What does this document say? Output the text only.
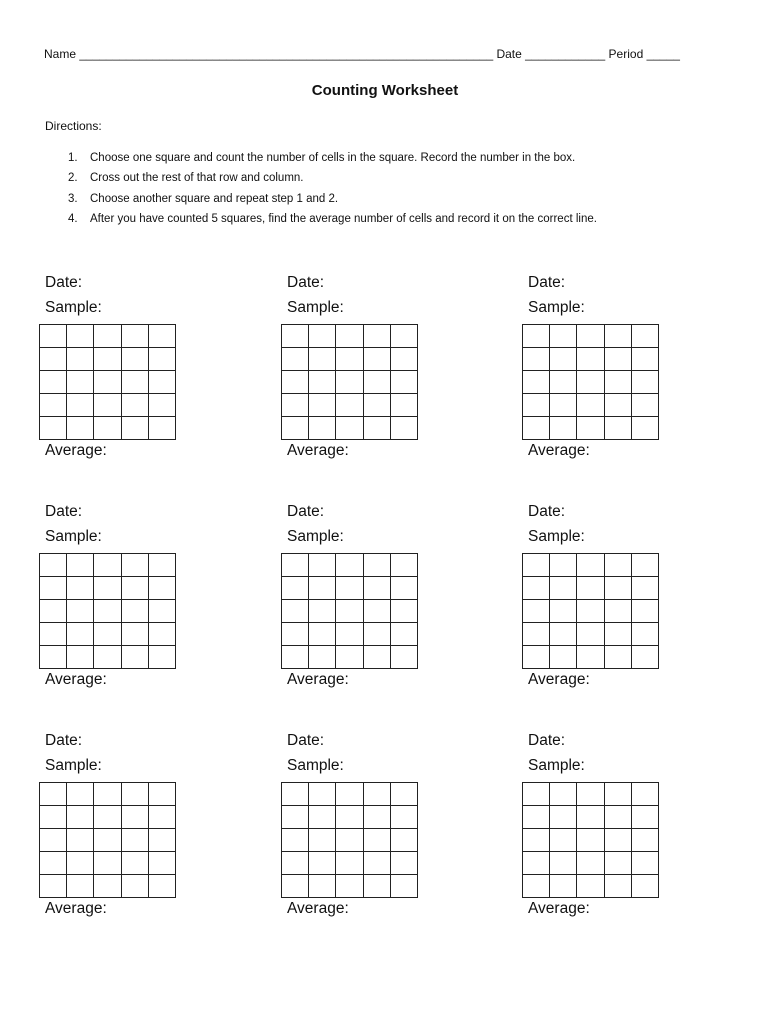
Name ______________________________________________________________ Date ____________ Period _____
Counting Worksheet
Directions:
1. Choose one square and count the number of cells in the square. Record the number in the box.
2. Cross out the rest of that row and column.
3. Choose another square and repeat step 1 and 2.
4. After you have counted 5 squares, find the average number of cells and record it on the correct line.
Date:
Sample:

Average:
Date:
Sample:

Average:
Date:
Sample:

Average:
Date:
Sample:

Average:
Date:
Sample:

Average:
Date:
Sample:

Average:
Date:
Sample:

Average:
Date:
Sample:

Average:
Date:
Sample:

Average:
